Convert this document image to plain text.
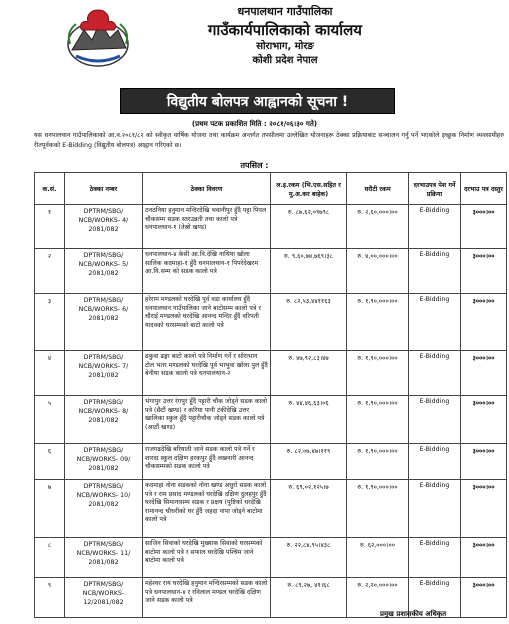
धनपालथान गाउँपालिका
गाउँकार्यपालिकाको कार्यालय
सोराभाग, मोरङ
कोशी प्रदेश नेपाल
विद्युतीय बोलपत्र आह्वानको सूचना !
(प्रथम पटक प्रकाशित मिति : २०८१/०६।३० गते)
यस धनपालथान गाउँपालिकाको आ.व.२०८१/८२ को स्वीकृत वार्षिक योजना तथा कार्यक्रम अन्तर्गत तपसीलमा उल्लेखित योजनाहरू ठेक्का प्रक्रियाबाट सञ्चालन गर्नु पर्ने भएकोले इच्छुक निर्माण व्यवसायीहरु रीतपूर्वकको E-Bidding (विद्युतीय बोलपत्र) आह्वान गरिएको छ।
तपसिल :
क.सं.	ठेक्का नम्बर	ठेक्का विवरण	ल.इ.रकम (भि.एस.सहित र मु.अ.कर बाहेक)	धरौटी रकम	दरभाउपत्र पेश गर्ने प्रक्रिया	दरभाउ पत्र दस्तुर
१	DPTRM/SBG/ NCB/WORKS- 4/ 2081/082	ठनठनिया हनुमान मन्दिरदेखि भवानीपुर हुँदै पट्टा पिपल चौकसम्म सडक स्तरउन्नती तथा कालो पत्रे धनपालथान-१ (तेस्रो खण्ड)	रु. ८७,६२,०९७९८	रु. २,६०,०००।००	E-Bidding	३०००।००
२	DPTRM/SBG/ NCB/WORKS- 5/ 2081/082	धनपालथान-४ केसी आ.वि.देखि नाथिया खोला सालिक कदमाहा-१ हुँदै धनपालथान-१ पिपरेदेखरम आ.वि.सम्म को सडक कालो पत्रे	रु. ९,६०,७४,७६९।३८	रु. ४,००,०००।००	E-Bidding	३०००।००
३	DPTRM/SBG/ NCB/WORKS- 6/ 2081/082	हरेराम मण्डलको घरदेखि पूर्व वडा कार्यालय हुँदै धनपालथान गाउँपालिका जाने बाटोसम्म कालो पत्रे र चौराई मण्डलको घरदेखि आनन्द मन्दिर हुँदै वरिपती यादवको घरसम्मको बाटो कालो पत्रे	रु. ८२,५३,४४११६३	रु. १,९०,०००।००	E-Bidding	३०००।००
४	DPTRM/SBG/ NCB/WORKS- 7/ 2081/082	ढकुवा ढङ्गा बाटो कालो पत्रे निर्माण गर्ने र सोराभाग टोल भतर मण्डलको घरदेखि पूर्व भाभुवा खोला पुल हुँदै बेनीया सडक कालो पत्रे धनपालथान-२	रु. ४७,९२,८३।४७	रु. १,९०,०००।००	E-Bidding	३०००।००
५	DPTRM/SBG/ NCB/WORKS- 8/ 2081/082	भंगापुर उत्तर रंगपुर हुँदै पट्टारी चौक जोड्ने सडक कालो पत्रे (छैटौं खण्ड) र करिया पानी टंकीदेखि उत्तर खालिका स्कुल हुँदै पट्टारीचौक जोड्ने सडक कालो पत्रे (आठौं खण्ड)	रु. ४४,४६,६३।०६	रु. १,९०,०००।००	E-Bidding	३०००।००
६	DPTRM/SBG/ NCB/WORKS- 09/ 2081/082	राजगढदेखि बरियाती जाने सडक कालो पत्रे गर्ने र शारदा स्कुल दक्षिण हरकपुर हुँदै लखनारी आनन्द चौकसम्मको सडक कालो पत्रे	रु. ८२,०७,४७।११९	रु. १,९०,०००।००	E-Bidding	३०००।००
७	DPTRM/SBG/ NCB/WORKS- 10/ 2081/082	कदमाहा नोना सडकको नोना खण्ड अधुरो सडक कालो पत्रे र राम प्रसाद मण्डलको घरदेखि दक्षिण दुलहपुर हुँदै घरदेखि सिमानासम्म सडक र प्रक्षय (पुष्टिको घरदेखि रामानन्द चौधरीको घर हुँदै जहदा नापा जोड्ने बाटोमा कालो पत्रे	रु. ६९,०२,१२५।७	रु. १,९०,०००।००	E-Bidding	३०००।००
८	DPTRM/SBG/ NCB/WORKS- 11/ 2081/082	साजिन सिवाको घरदेखि मुख्याक सिवाको घरसम्मको बाटोमा कालो पत्रे र सफाल घरदेखि पश्चिम जाने बाटोमा कालो पत्रे	रु. २२,८४,९५।४३८	रु. ६२,०००।००	E-Bidding	३०००।००
९	DPTRM/SBG/ NCB/WORKS- 12/2081/082	महेश्वर राय घरदेखि हनुमान मन्दिरसम्मको सडक कालो पत्रे धनपालथान-४ र रविलाल मण्डल घरदेखि दक्षिण जाने सडक कालो पत्रे	रु. ८९,२७, ४१।६८	रु. २,२०,०००।००	E-Bidding	३०००।००
प्रमुख प्रशासकीय अधिकृत
